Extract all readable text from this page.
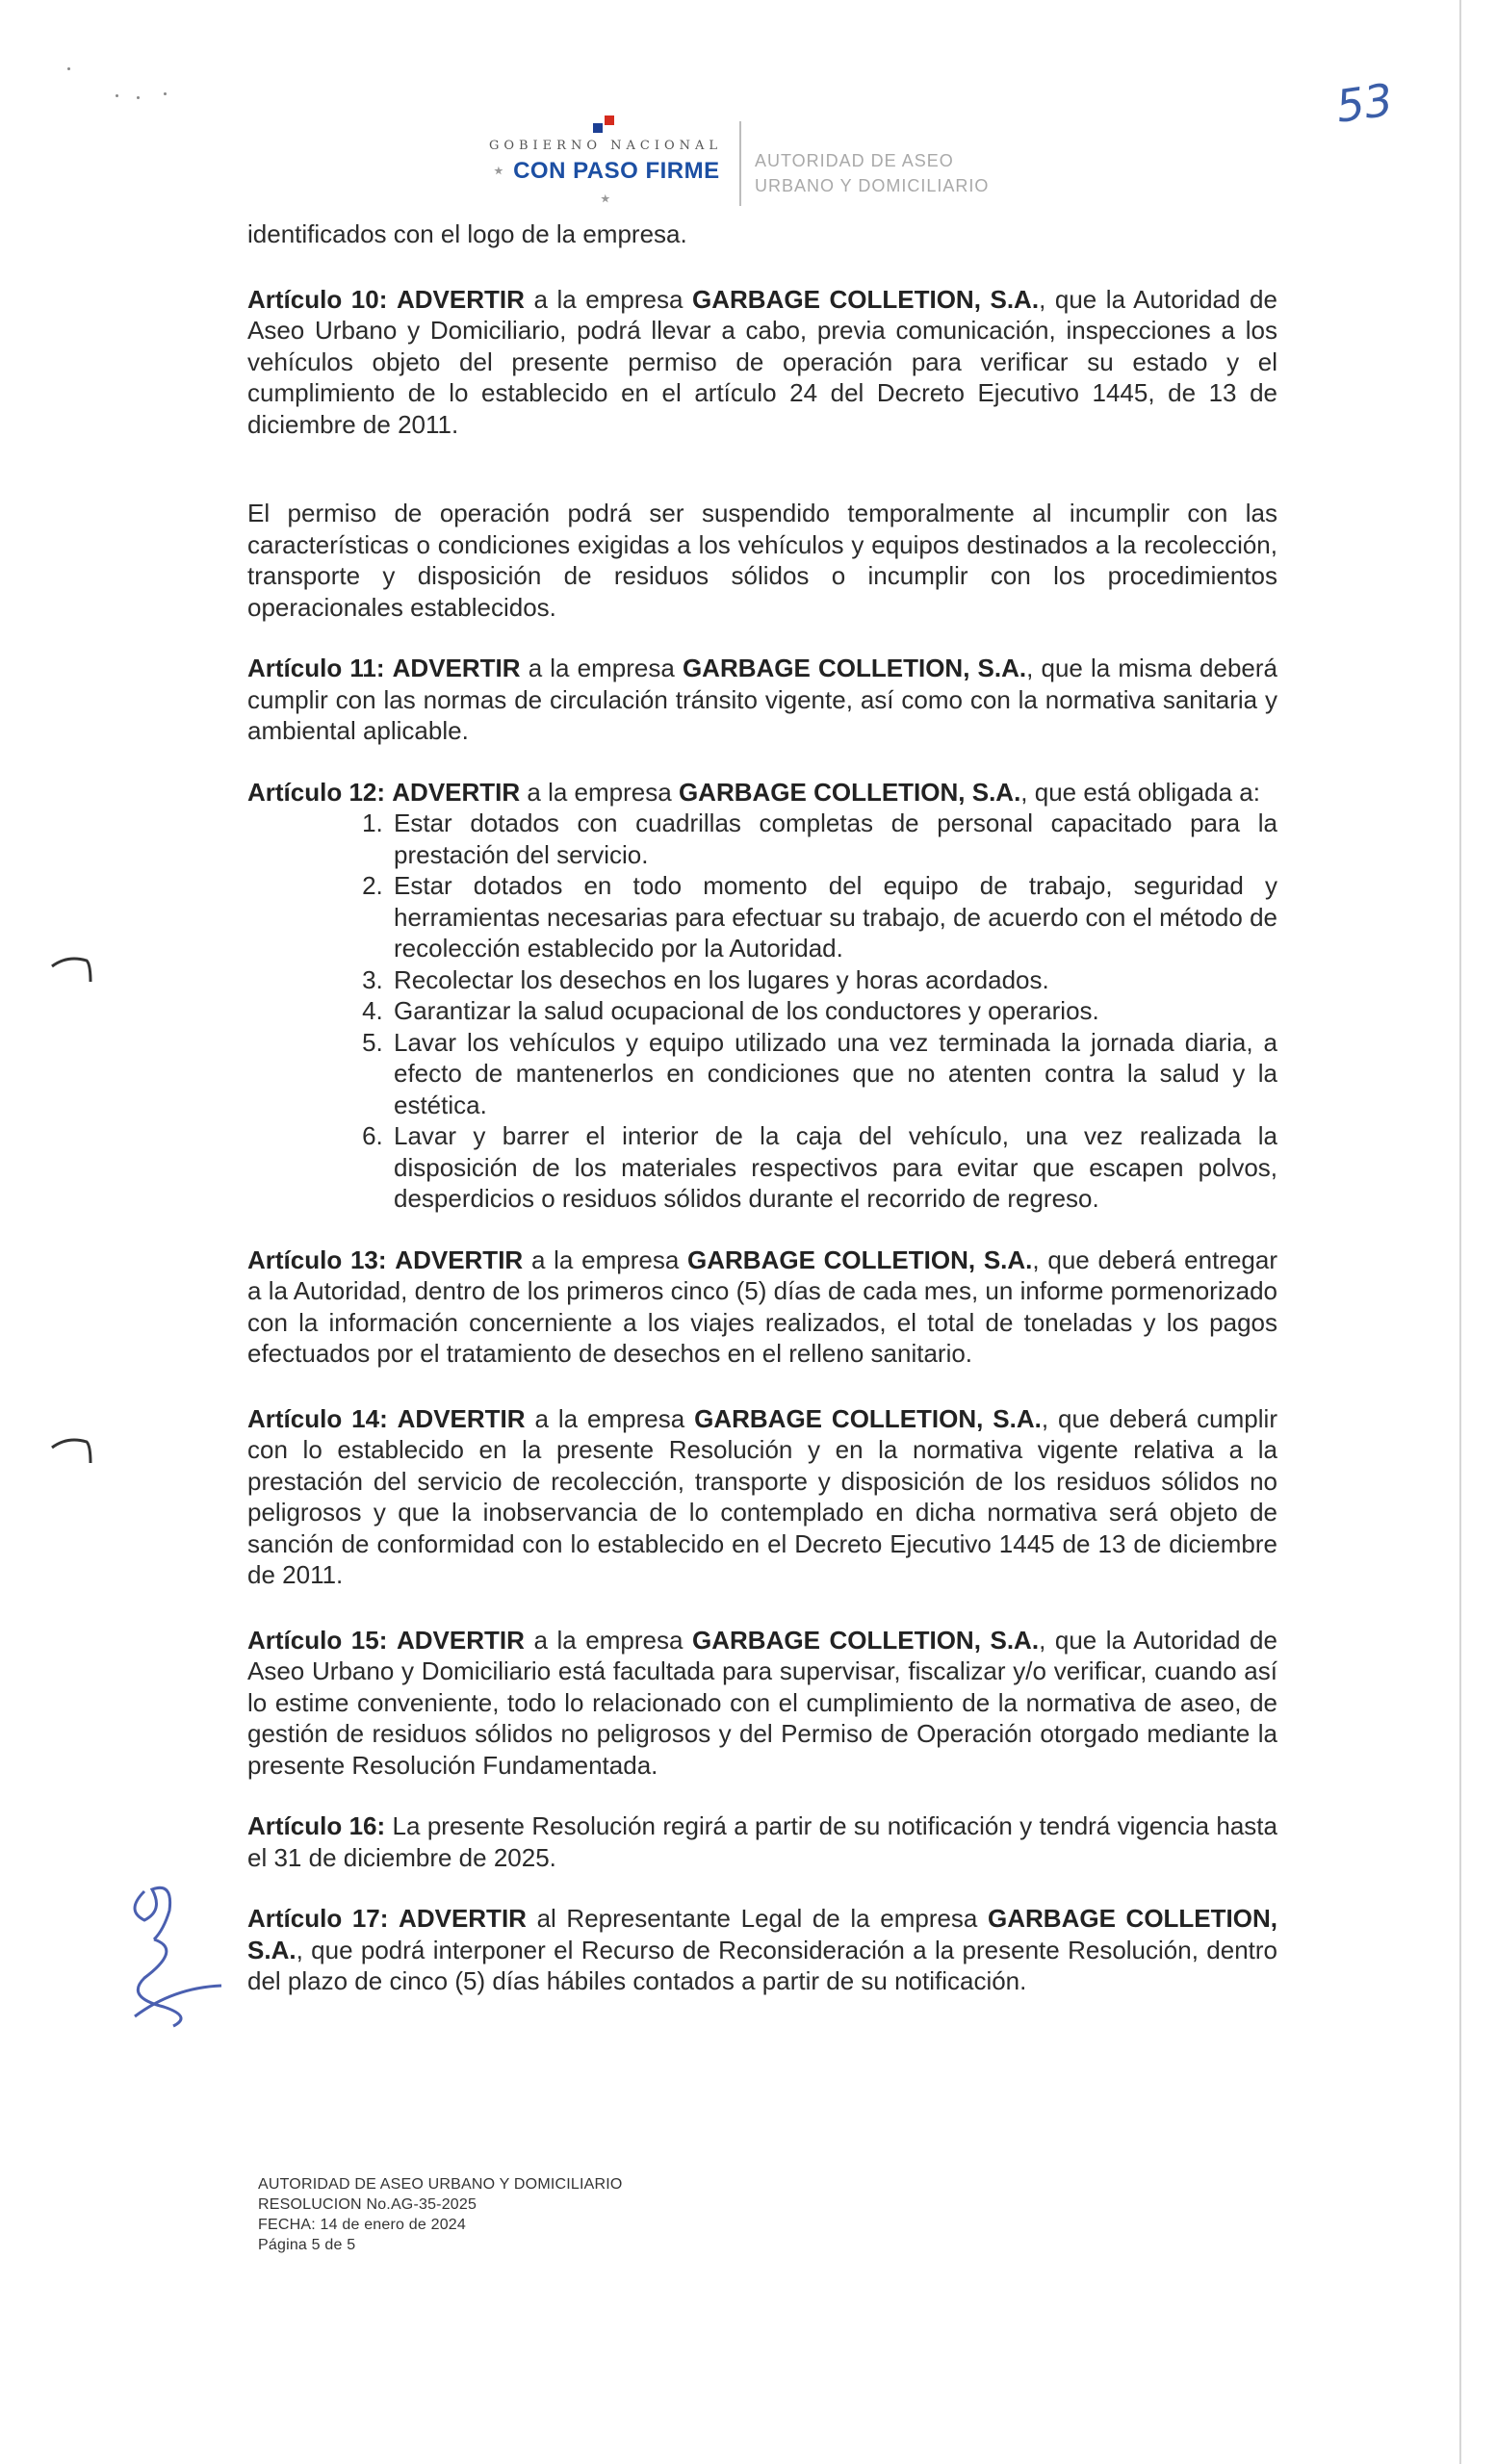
GOBIERNO NACIONAL
⋆ CON PASO FIRME ⋆
AUTORIDAD DE ASEO
URBANO Y DOMICILIARIO
53

identificados con el logo de la empresa.

Artículo 10: ADVERTIR a la empresa GARBAGE COLLETION, S.A., que la Autoridad de Aseo Urbano y Domiciliario, podrá llevar a cabo, previa comunicación, inspecciones a los vehículos objeto del presente permiso de operación para verificar su estado y el cumplimiento de lo establecido en el artículo 24 del Decreto Ejecutivo 1445, de 13 de diciembre de 2011.

El permiso de operación podrá ser suspendido temporalmente al incumplir con las características o condiciones exigidas a los vehículos y equipos destinados a la recolección, transporte y disposición de residuos sólidos o incumplir con los procedimientos operacionales establecidos.

Artículo 11: ADVERTIR a la empresa GARBAGE COLLETION, S.A., que la misma deberá cumplir con las normas de circulación tránsito vigente, así como con la normativa sanitaria y ambiental aplicable.

Artículo 12: ADVERTIR a la empresa GARBAGE COLLETION, S.A., que está obligada a:

1. Estar dotados con cuadrillas completas de personal capacitado para la prestación del servicio.
2. Estar dotados en todo momento del equipo de trabajo, seguridad y herramientas necesarias para efectuar su trabajo, de acuerdo con el método de recolección establecido por la Autoridad.
3. Recolectar los desechos en los lugares y horas acordados.
4. Garantizar la salud ocupacional de los conductores y operarios.
5. Lavar los vehículos y equipo utilizado una vez terminada la jornada diaria, a efecto de mantenerlos en condiciones que no atenten contra la salud y la estética.
6. Lavar y barrer el interior de la caja del vehículo, una vez realizada la disposición de los materiales respectivos para evitar que escapen polvos, desperdicios o residuos sólidos durante el recorrido de regreso.

Artículo 13: ADVERTIR a la empresa GARBAGE COLLETION, S.A., que deberá entregar a la Autoridad, dentro de los primeros cinco (5) días de cada mes, un informe pormenorizado con la información concerniente a los viajes realizados, el total de toneladas y los pagos efectuados por el tratamiento de desechos en el relleno sanitario.

Artículo 14: ADVERTIR a la empresa GARBAGE COLLETION, S.A., que deberá cumplir con lo establecido en la presente Resolución y en la normativa vigente relativa a la prestación del servicio de recolección, transporte y disposición de los residuos sólidos no peligrosos y que la inobservancia de lo contemplado en dicha normativa será objeto de sanción de conformidad con lo establecido en el Decreto Ejecutivo 1445 de 13 de diciembre de 2011.

Artículo 15: ADVERTIR a la empresa GARBAGE COLLETION, S.A., que la Autoridad de Aseo Urbano y Domiciliario está facultada para supervisar, fiscalizar y/o verificar, cuando así lo estime conveniente, todo lo relacionado con el cumplimiento de la normativa de aseo, de gestión de residuos sólidos no peligrosos y del Permiso de Operación otorgado mediante la presente Resolución Fundamentada.

Artículo 16: La presente Resolución regirá a partir de su notificación y tendrá vigencia hasta el 31 de diciembre de 2025.

Artículo 17: ADVERTIR al Representante Legal de la empresa GARBAGE COLLETION, S.A., que podrá interponer el Recurso de Reconsideración a la presente Resolución, dentro del plazo de cinco (5) días hábiles contados a partir de su notificación.

AUTORIDAD DE ASEO URBANO Y DOMICILIARIO
RESOLUCION No.AG-35-2025
FECHA: 14 de enero de 2024
Página 5 de 5
